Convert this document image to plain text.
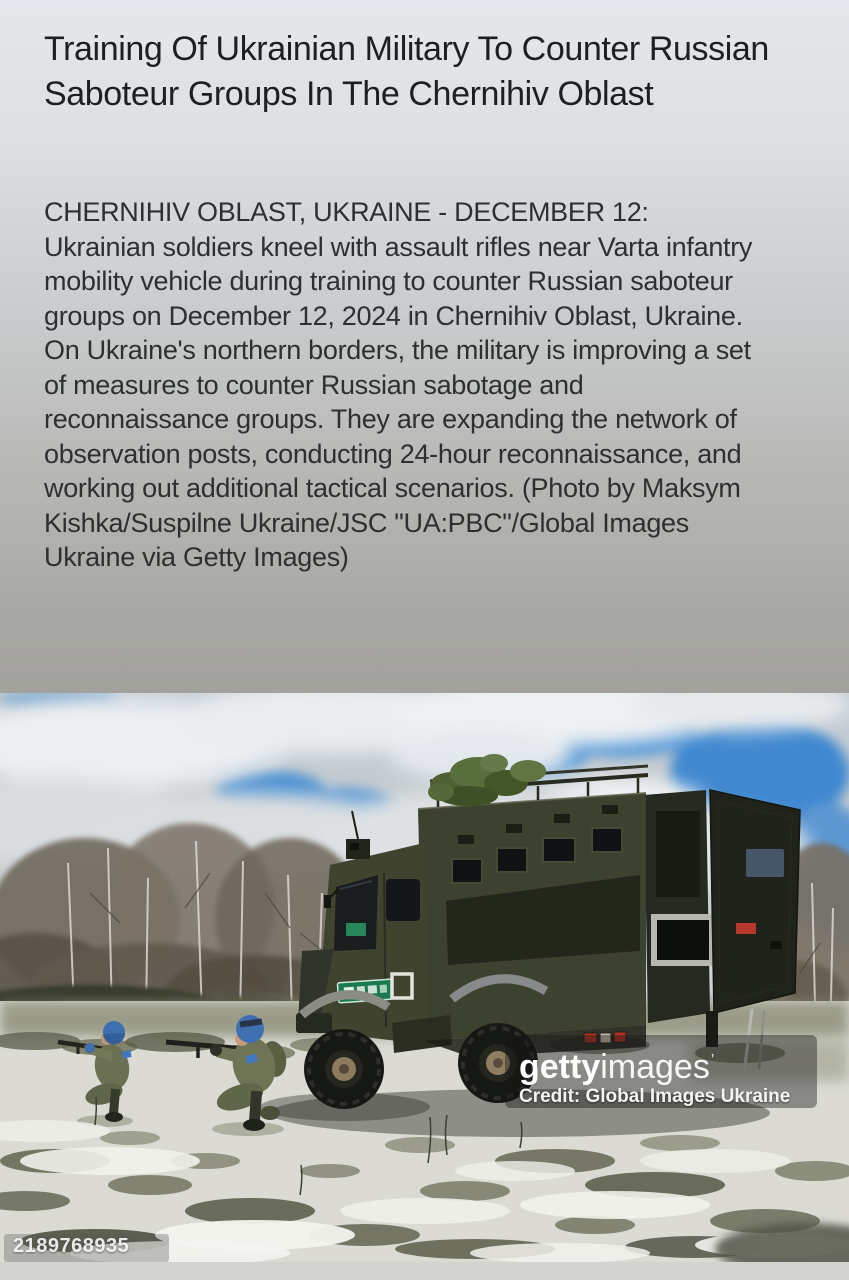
Training Of Ukrainian Military To Counter Russian Saboteur Groups In The Chernihiv Oblast

CHERNIHIV OBLAST, UKRAINE - DECEMBER 12: Ukrainian soldiers kneel with assault rifles near Varta infantry mobility vehicle during training to counter Russian saboteur groups on December 12, 2024 in Chernihiv Oblast, Ukraine. On Ukraine's northern borders, the military is improving a set of measures to counter Russian sabotage and reconnaissance groups. They are expanding the network of observation posts, conducting 24-hour reconnaissance, and working out additional tactical scenarios. (Photo by Maksym Kishka/Suspilne Ukraine/JSC "UA:PBC"/Global Images Ukraine via Getty Images)

gettyimages’
Credit: Global Images Ukraine
2189768935
